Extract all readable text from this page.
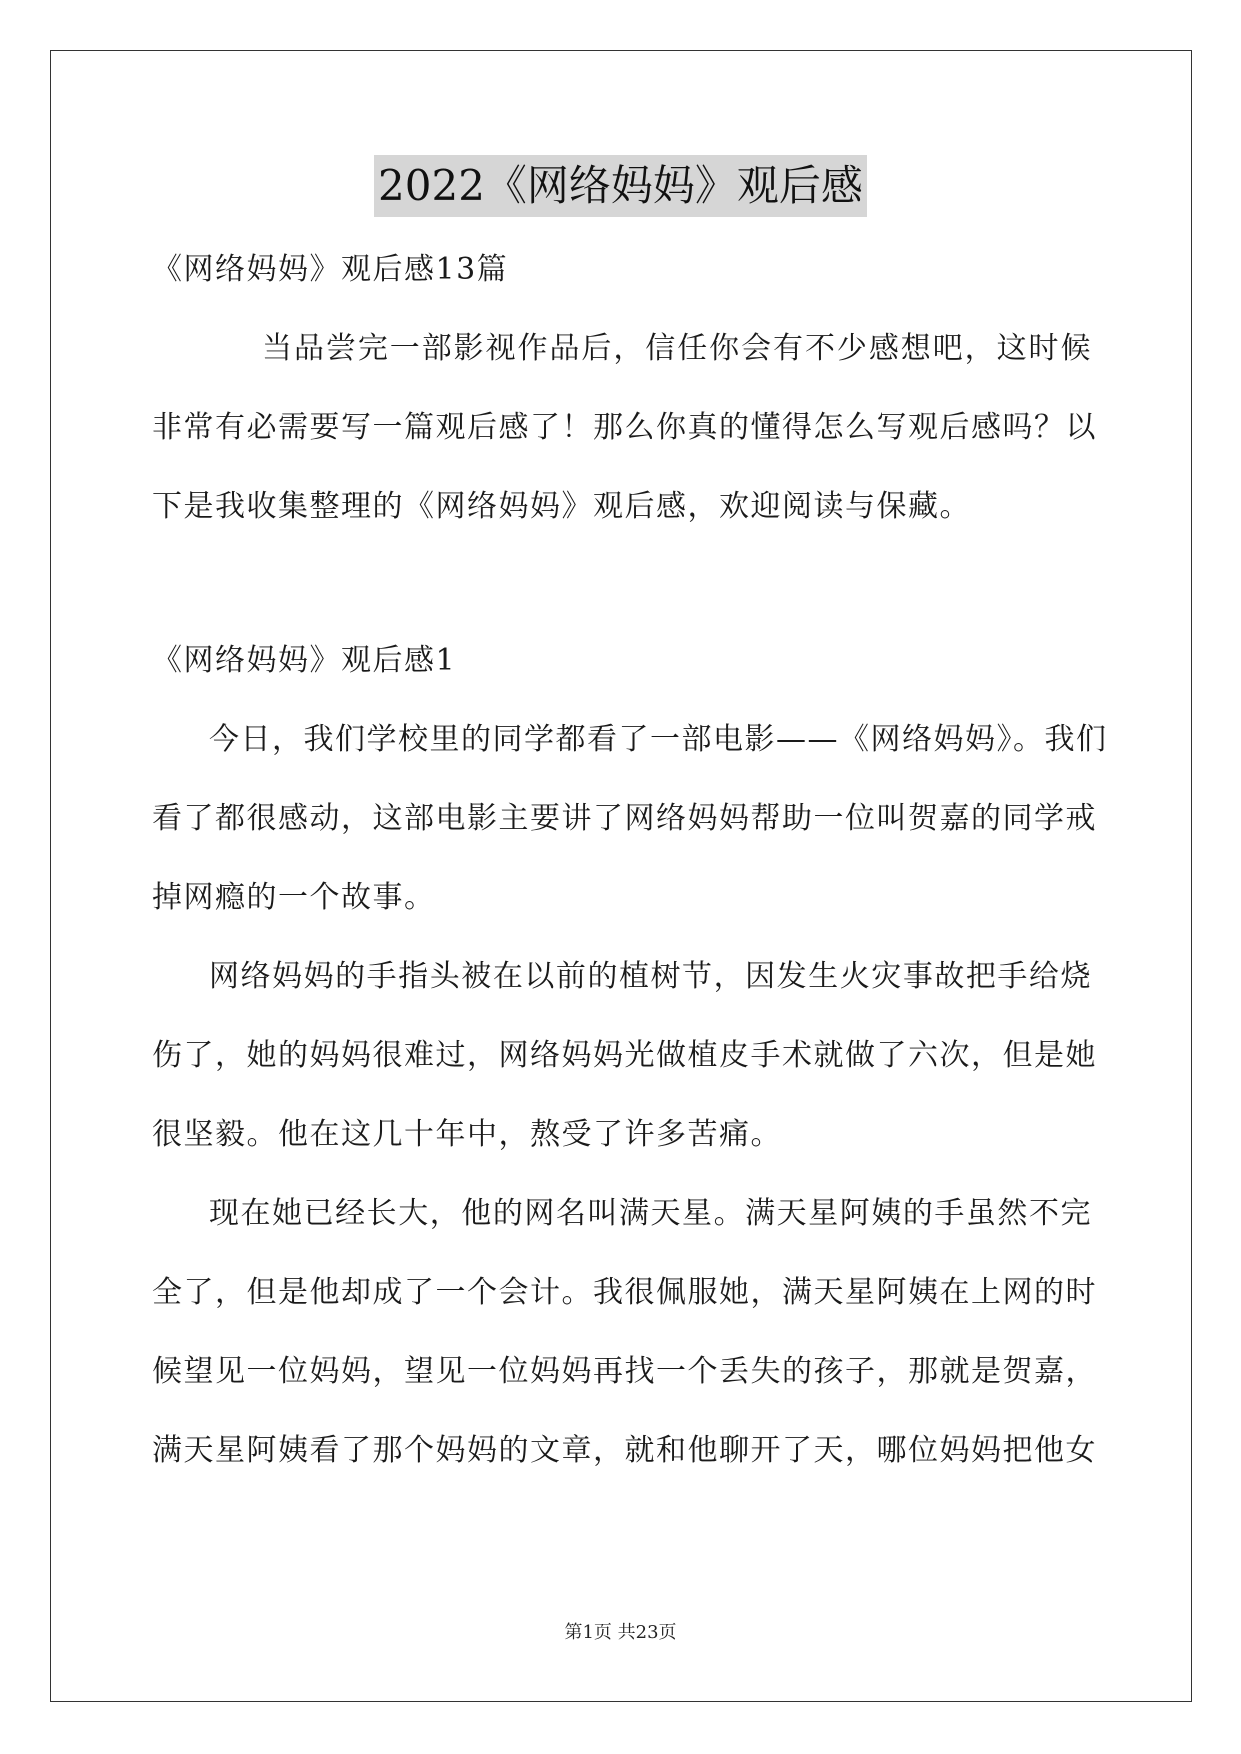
2022《网络妈妈》观后感
《网络妈妈》观后感13篇
当品尝完一部影视作品后，信任你会有不少感想吧，这时候
非常有必需要写一篇观后感了！那么你真的懂得怎么写观后感吗？以
下是我收集整理的《网络妈妈》观后感，欢迎阅读与保藏。
《网络妈妈》观后感1
今日，我们学校里的同学都看了一部电影——《网络妈妈》。我们
看了都很感动，这部电影主要讲了网络妈妈帮助一位叫贺嘉的同学戒
掉网瘾的一个故事。
网络妈妈的手指头被在以前的植树节，因发生火灾事故把手给烧
伤了，她的妈妈很难过，网络妈妈光做植皮手术就做了六次，但是她
很坚毅。他在这几十年中，熬受了许多苦痛。
现在她已经长大，他的网名叫满天星。满天星阿姨的手虽然不完
全了，但是他却成了一个会计。我很佩服她，满天星阿姨在上网的时
候望见一位妈妈，望见一位妈妈再找一个丢失的孩子，那就是贺嘉，
满天星阿姨看了那个妈妈的文章，就和他聊开了天，哪位妈妈把他女
第1页 共23页
